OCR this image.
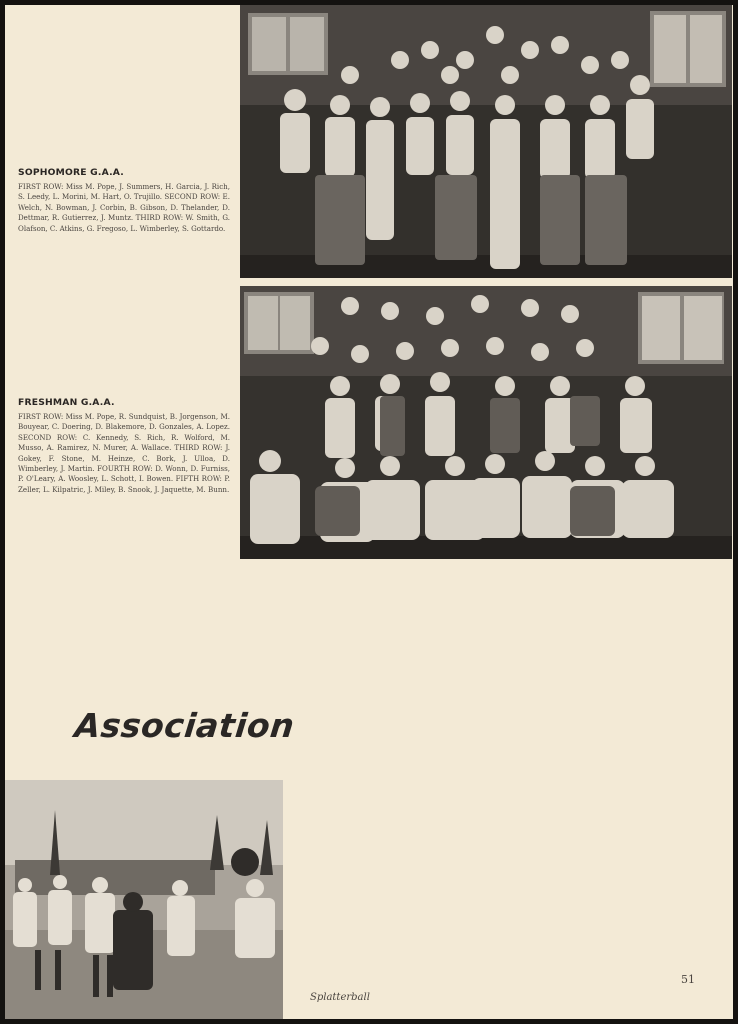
SOPHOMORE G.A.A.
FIRST ROW: Miss M. Pope, J. Summers, H. Garcia, J. Rich, S. Leedy, L. Morini, M. Hart, O. Trujillo. SECOND ROW: E. Welch, N. Bowman, J. Corbin, B. Gibson, D. Thelander, D. Dettmar, R. Gutierrez, J. Muntz. THIRD ROW: W. Smith, G. Olafson, C. Atkins, G. Fregoso, L. Wimberley, S. Gottardo.
FRESHMAN G.A.A.
FIRST ROW: Miss M. Pope, R. Sundquist, B. Jorgenson, M. Bouyear, C. Doering, D. Blakemore, D. Gonzales, A. Lopez. SECOND ROW: C. Kennedy, S. Rich, R. Wolford, M. Musso, A. Ramirez, N. Murer, A. Wallace. THIRD ROW: J. Gokey, F. Stone, M. Heinze, C. Bork, J. Ulloa, D. Wimberley, J. Martin. FOURTH ROW: D. Wonn, D. Furniss, P. O'Leary, A. Woosley, L. Schott, I. Bowen. FIFTH ROW: P. Zeller, L. Kilpatric, J. Miley, B. Snook, J. Jaquette, M. Bunn.
Association
Splatterball
51
